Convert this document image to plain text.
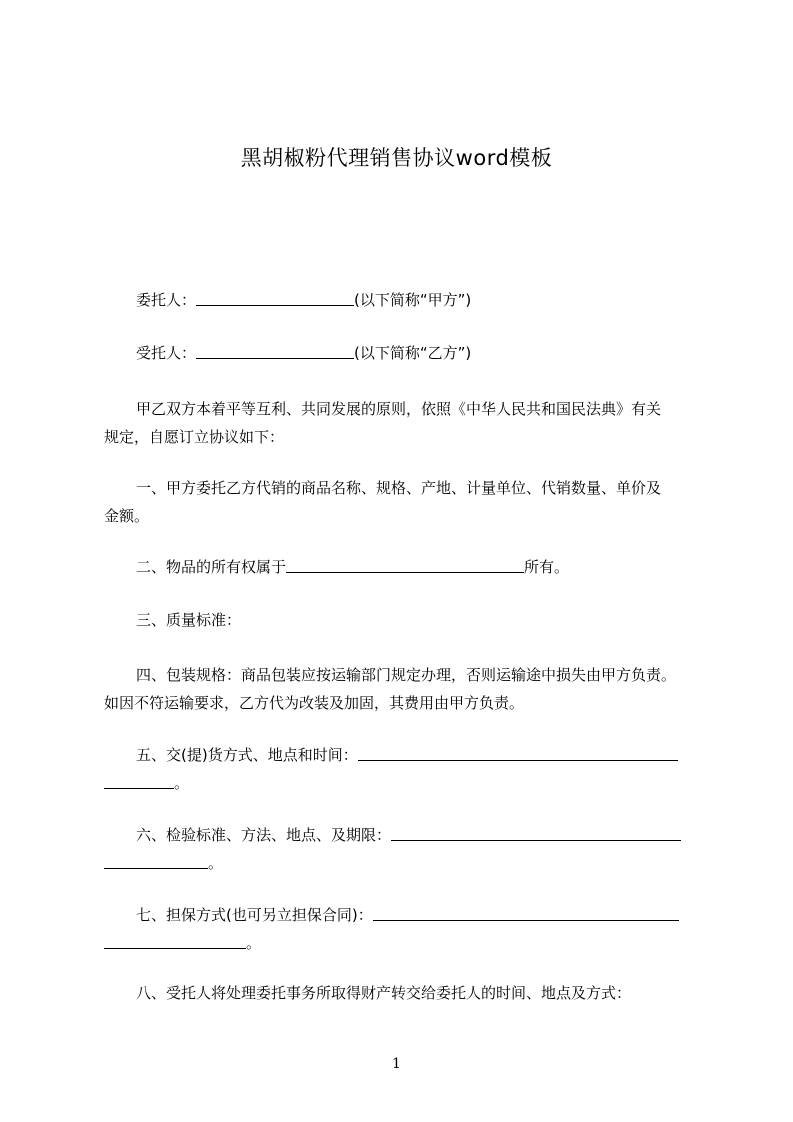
黑胡椒粉代理销售协议word模板
委托人：	(以下简称“甲方”)
受托人：	(以下简称“乙方”)
甲乙双方本着平等互利、共同发展的原则，依照《中华人民共和国民法典》有关
规定，自愿订立协议如下：
一、甲方委托乙方代销的商品名称、规格、产地、计量单位、代销数量、单价及
金额。
二、物品的所有权属于	所有。
三、质量标准：
四、包装规格：商品包装应按运输部门规定办理，否则运输途中损失由甲方负责。
如因不符运输要求，乙方代为改装及加固，其费用由甲方负责。
五、交(提)货方式、地点和时间：
。
六、检验标准、方法、地点、及期限：
。
七、担保方式(也可另立担保合同)：
。
八、受托人将处理委托事务所取得财产转交给委托人的时间、地点及方式：
1
